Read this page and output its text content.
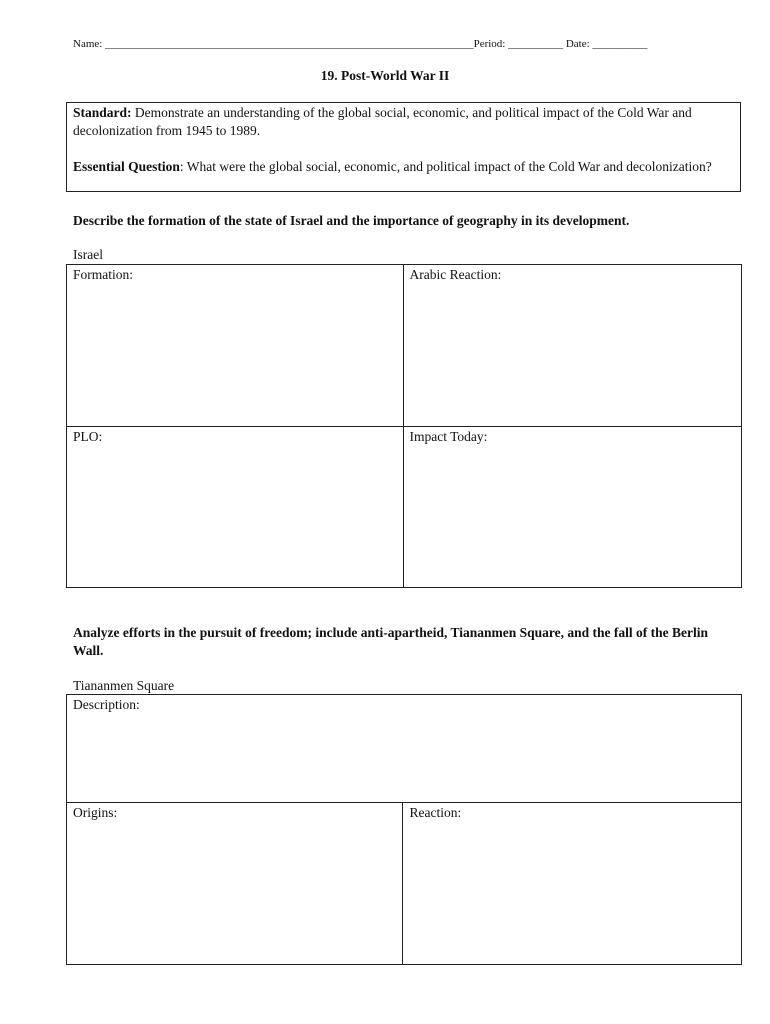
Name: ___________________________________________________________________Period: __________ Date: __________
19. Post-World War II

Standard: Demonstrate an understanding of the global social, economic, and political impact of the Cold War and decolonization from 1945 to 1989.

Essential Question: What were the global social, economic, and political impact of the Cold War and decolonization?

Describe the formation of the state of Israel and the importance of geography in its development.
Israel
Formation:	Arabic Reaction:
PLO:	Impact Today:
Analyze efforts in the pursuit of freedom; include anti-apartheid, Tiananmen Square, and the fall of the Berlin Wall.
Tiananmen Square
Description:
Origins:	Reaction:
